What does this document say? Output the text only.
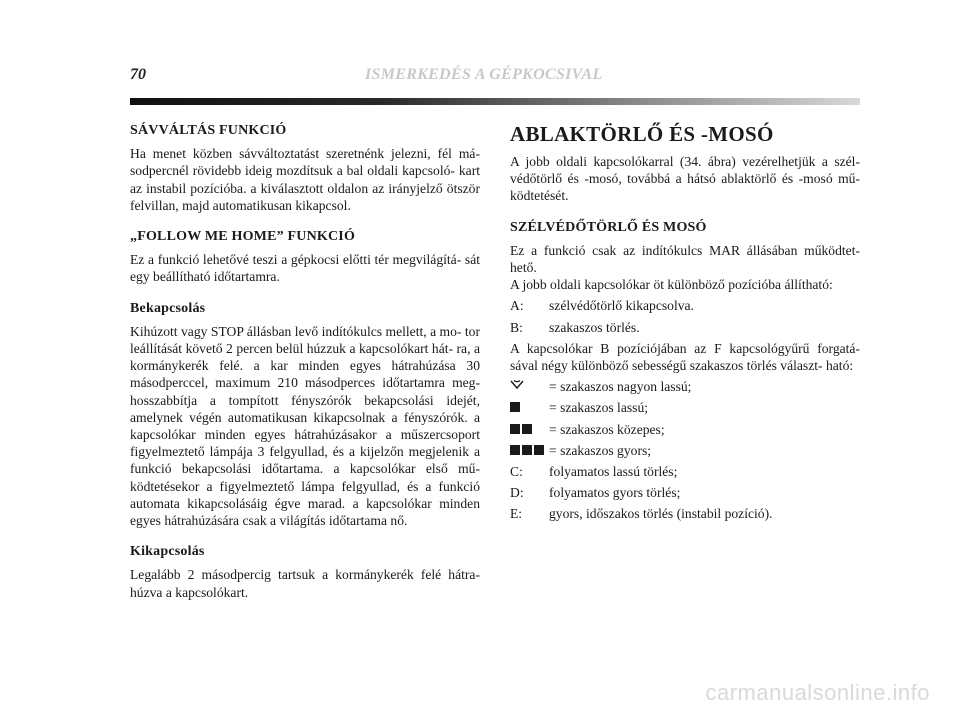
70	ISMERKEDÉS A GÉPKOCSIVAL
SÁVVÁLTÁS FUNKCIÓ

Ha menet közben sávváltoztatást szeretnénk jelezni, fél má- sodpercnél rövidebb ideig mozdítsuk a bal oldali kapcsoló- kart az instabil pozícióba. a kiválasztott oldalon az irányjelző ötször felvillan, majd automatikusan kikapcsol.

„FOLLOW ME HOME” FUNKCIÓ

Ez a funkció lehetővé teszi a gépkocsi előtti tér megvilágítá- sát egy beállítható időtartamra.

Bekapcsolás

Kihúzott vagy STOP állásban levő indítókulcs mellett, a mo- tor leállítását követő 2 percen belül húzzuk a kapcsolókart hát- ra, a kormánykerék felé. a kar minden egyes hátrahúzása 30 másodperccel, maximum 210 másodperces időtartamra meg- hosszabbítja a tompított fényszórók bekapcsolási idejét, amelynek végén automatikusan kikapcsolnak a fényszórók. a kapcsolókar minden egyes hátrahúzásakor a műszercsoport figyelmeztető lámpája 3 felgyullad, és a kijelzőn megjelenik a funkció bekapcsolási időtartama. a kapcsolókar első mű- ködtetésekor a figyelmeztető lámpa felgyullad, és a funkció automata kikapcsolásáig égve marad. a kapcsolókar minden egyes hátrahúzására csak a világítás időtartama nő.

Kikapcsolás

Legalább 2 másodpercig tartsuk a kormánykerék felé hátra- húzva a kapcsolókart.

ABLAKTÖRLŐ ÉS -MOSÓ

A jobb oldali kapcsolókarral (34. ábra) vezérelhetjük a szél- védőtörlő és -mosó, továbbá a hátsó ablaktörlő és -mosó mű- ködtetését.

SZÉLVÉDŐTÖRLŐ ÉS MOSÓ

Ez a funkció csak az indítókulcs MAR állásában működtet- hető.

A jobb oldali kapcsolókar öt különböző pozícióba állítható:

A:	szélvédőtörlő kikapcsolva.
B:	szakaszos törlés.

A kapcsolókar B pozíciójában az F kapcsológyűrű forgatá- sával négy különböző sebességű szakaszos törlés választ- ható:

= szakaszos nagyon lassú;
= szakaszos lassú;
= szakaszos közepes;
= szakaszos gyors;
C:	folyamatos lassú törlés;
D:	folyamatos gyors törlés;
E:	gyors, időszakos törlés (instabil pozíció).
carmanualsonline.info
